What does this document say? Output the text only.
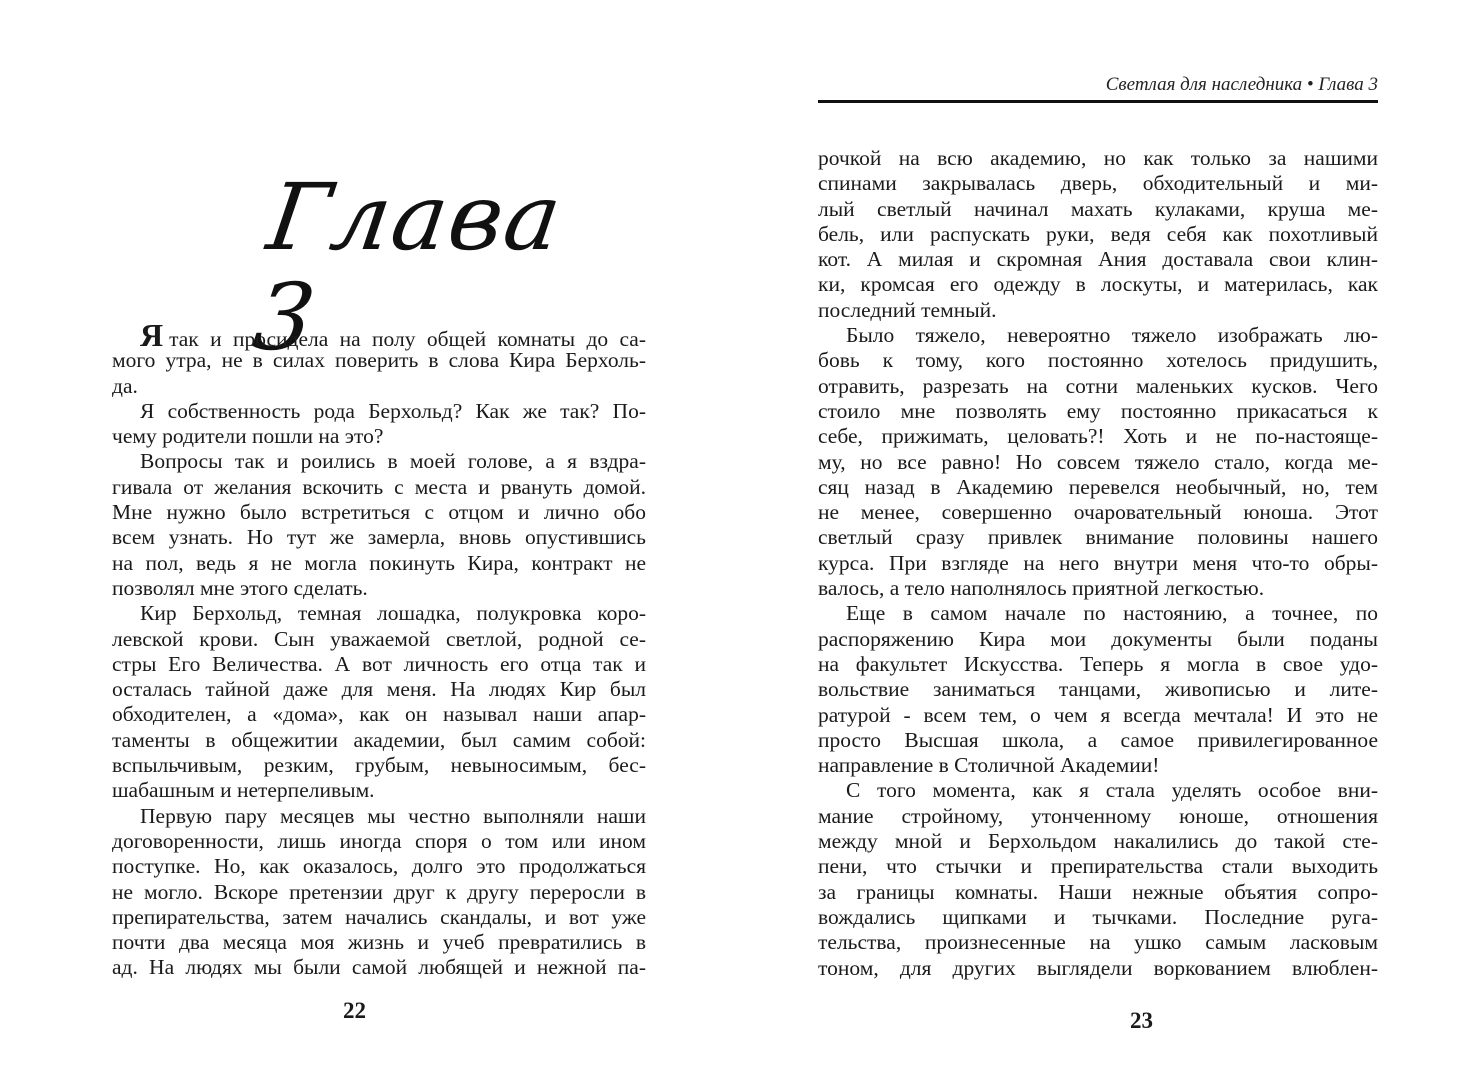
Глава 3
Я так и просидела на полу общей комнаты до са-
мого утра, не в силах поверить в слова Кира Берхоль-
да.
Я собственность рода Берхольд? Как же так? По-
чему родители пошли на это?
Вопросы так и роились в моей голове, а я вздра-
гивала от желания вскочить с места и рвануть домой.
Мне нужно было встретиться с отцом и лично обо
всем узнать. Но тут же замерла, вновь опустившись
на пол, ведь я не могла покинуть Кира, контракт не
позволял мне этого сделать.
Кир Берхольд, темная лошадка, полукровка коро-
левской крови. Сын уважаемой светлой, родной се-
стры Его Величества. А вот личность его отца так и
осталась тайной даже для меня. На людях Кир был
обходителен, а «дома», как он называл наши апар-
таменты в общежитии академии, был самим собой:
вспыльчивым, резким, грубым, невыносимым, бес-
шабашным и нетерпеливым.
Первую пару месяцев мы честно выполняли наши
договоренности, лишь иногда споря о том или ином
поступке. Но, как оказалось, долго это продолжаться
не могло. Вскоре претензии друг к другу переросли в
препирательства, затем начались скандалы, и вот уже
почти два месяца моя жизнь и учеб превратились в
ад. На людях мы были самой любящей и нежной па-
22
Светлая для наследника • Глава 3
рочкой на всю академию, но как только за нашими
спинами закрывалась дверь, обходительный и ми-
лый светлый начинал махать кулаками, круша ме-
бель, или распускать руки, ведя себя как похотливый
кот. А милая и скромная Ания доставала свои клин-
ки, кромсая его одежду в лоскуты, и материлась, как
последний темный.
Было тяжело, невероятно тяжело изображать лю-
бовь к тому, кого постоянно хотелось придушить,
отравить, разрезать на сотни маленьких кусков. Чего
стоило мне позволять ему постоянно прикасаться к
себе, прижимать, целовать?! Хоть и не по-настояще-
му, но все равно! Но совсем тяжело стало, когда ме-
сяц назад в Академию перевелся необычный, но, тем
не менее, совершенно очаровательный юноша. Этот
светлый сразу привлек внимание половины нашего
курса. При взгляде на него внутри меня что-то обры-
валось, а тело наполнялось приятной легкостью.
Еще в самом начале по настоянию, а точнее, по
распоряжению Кира мои документы были поданы
на факультет Искусства. Теперь я могла в свое удо-
вольствие заниматься танцами, живописью и лите-
ратурой - всем тем, о чем я всегда мечтала! И это не
просто Высшая школа, а самое привилегированное
направление в Столичной Академии!
С того момента, как я стала уделять особое вни-
мание стройному, утонченному юноше, отношения
между мной и Берхольдом накалились до такой сте-
пени, что стычки и препирательства стали выходить
за границы комнаты. Наши нежные объятия сопро-
вождались щипками и тычками. Последние руга-
тельства, произнесенные на ушко самым ласковым
тоном, для других выглядели воркованием влюблен-
23
